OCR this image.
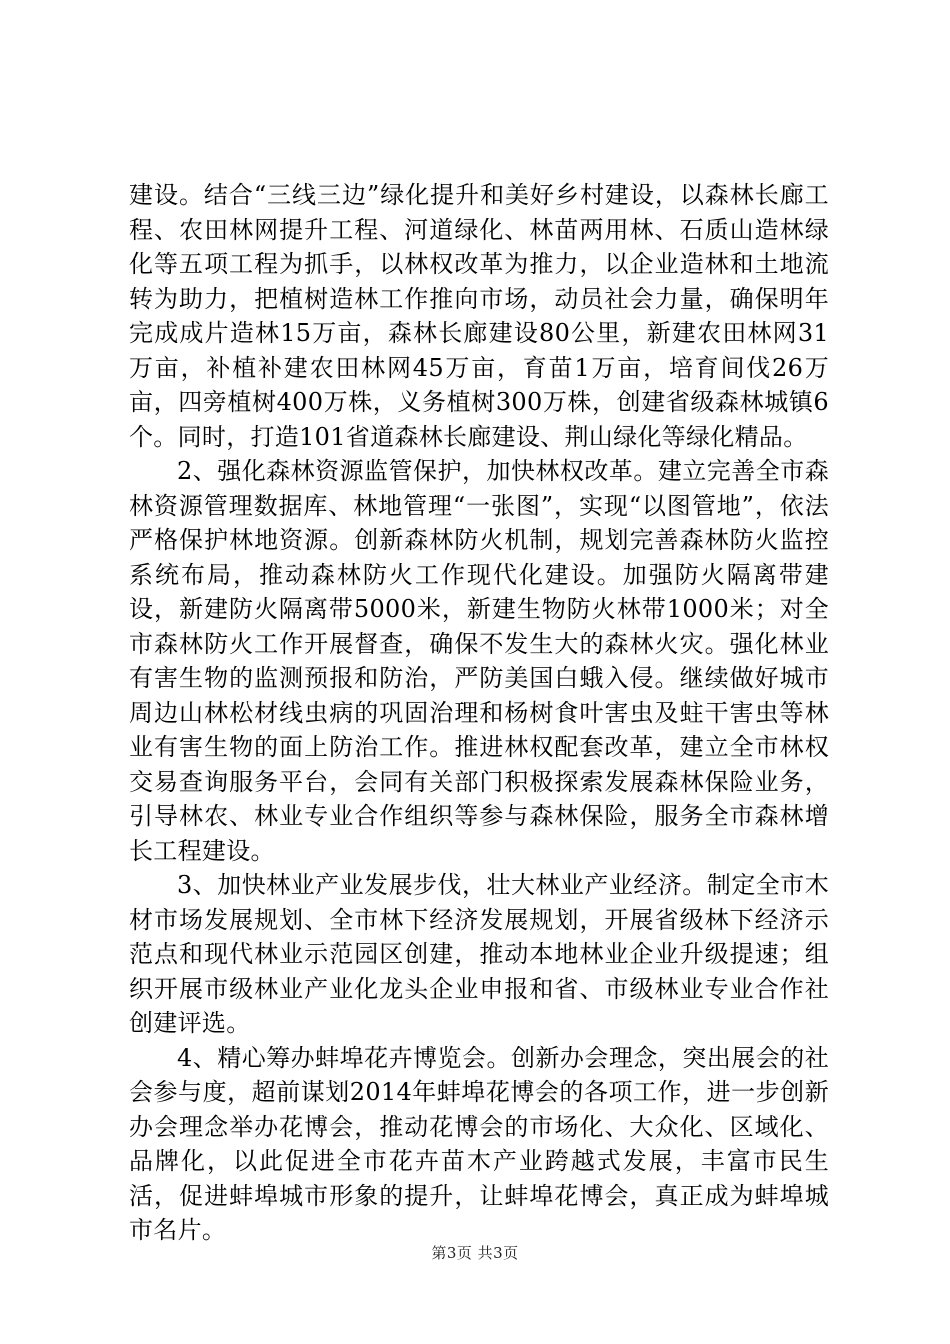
建设。结合“三线三边”绿化提升和美好乡村建设，以森林长廊工程、农田林网提升工程、河道绿化、林苗两用林、石质山造林绿化等五项工程为抓手，以林权改革为推力，以企业造林和土地流转为助力，把植树造林工作推向市场，动员社会力量，确保明年完成成片造林15万亩，森林长廊建设80公里，新建农田林网31万亩，补植补建农田林网45万亩，育苗1万亩，培育间伐26万亩，四旁植树400万株，义务植树300万株，创建省级森林城镇6个。同时，打造101省道森林长廊建设、荆山绿化等绿化精品。

2、强化森林资源监管保护，加快林权改革。建立完善全市森林资源管理数据库、林地管理“一张图”，实现“以图管地”，依法严格保护林地资源。创新森林防火机制，规划完善森林防火监控系统布局，推动森林防火工作现代化建设。加强防火隔离带建设，新建防火隔离带5000米，新建生物防火林带1000米；对全市森林防火工作开展督查，确保不发生大的森林火灾。强化林业有害生物的监测预报和防治，严防美国白蛾入侵。继续做好城市周边山林松材线虫病的巩固治理和杨树食叶害虫及蛀干害虫等林业有害生物的面上防治工作。推进林权配套改革，建立全市林权交易查询服务平台，会同有关部门积极探索发展森林保险业务，引导林农、林业专业合作组织等参与森林保险，服务全市森林增长工程建设。

3、加快林业产业发展步伐，壮大林业产业经济。制定全市木材市场发展规划、全市林下经济发展规划，开展省级林下经济示范点和现代林业示范园区创建，推动本地林业企业升级提速；组织开展市级林业产业化龙头企业申报和省、市级林业专业合作社创建评选。

4、精心筹办蚌埠花卉博览会。创新办会理念，突出展会的社会参与度，超前谋划2014年蚌埠花博会的各项工作，进一步创新办会理念举办花博会，推动花博会的市场化、大众化、区域化、品牌化，以此促进全市花卉苗木产业跨越式发展，丰富市民生活，促进蚌埠城市形象的提升，让蚌埠花博会，真正成为蚌埠城市名片。

第3页 共3页
